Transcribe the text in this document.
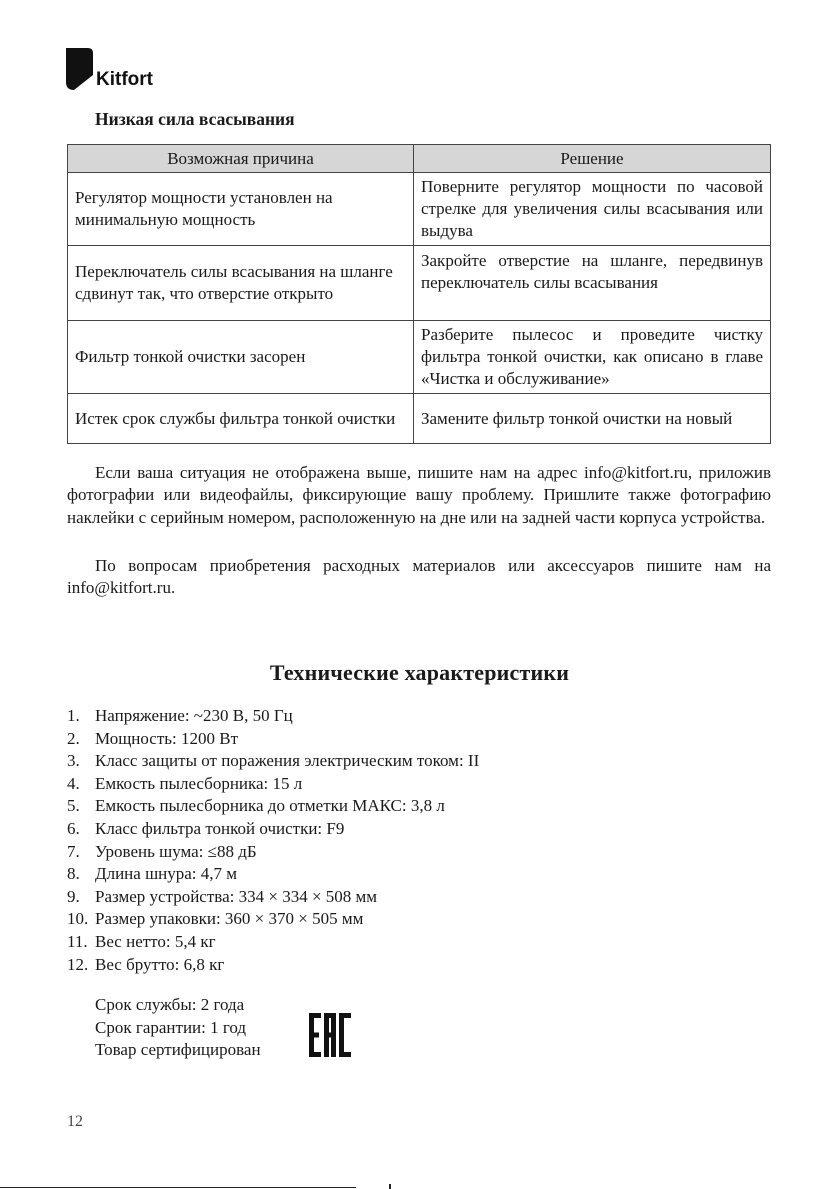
Kitfort
Низкая сила всасывания
Возможная причина	Решение
Регулятор мощности установлен на минимальную мощность	Поверните регулятор мощности по часовой стрелке для увеличения силы всасывания или выдува
Переключатель силы всасывания на шланге сдвинут так, что отверстие открыто	Закройте отверстие на шланге, передвинув переключатель силы всасывания
Фильтр тонкой очистки засорен	Разберите пылесос и проведите чистку фильтра тонкой очистки, как описано в главе «Чистка и обслуживание»
Истек срок службы фильтра тонкой очистки	Замените фильтр тонкой очистки на новый

Если ваша ситуация не отображена выше, пишите нам на адрес info@kitfort.ru, приложив фотографии или видеофайлы, фиксирующие вашу проблему. Пришлите также фотографию наклейки с серийным номером, расположенную на дне или на задней части корпуса устройства.

По вопросам приобретения расходных материалов или аксессуаров пишите нам на info@kitfort.ru.

Технические характеристики
1. Напряжение: ~230 В, 50 Гц
2. Мощность: 1200 Вт
3. Класс защиты от поражения электрическим током: II
4. Емкость пылесборника: 15 л
5. Емкость пылесборника до отметки МАКС: 3,8 л
6. Класс фильтра тонкой очистки: F9
7. Уровень шума: ≤88 дБ
8. Длина шнура: 4,7 м
9. Размер устройства: 334 × 334 × 508 мм
10. Размер упаковки: 360 × 370 × 505 мм
11. Вес нетто: 5,4 кг
12. Вес брутто: 6,8 кг
Срок службы: 2 года
Срок гарантии: 1 год
Товар сертифицирован
12
